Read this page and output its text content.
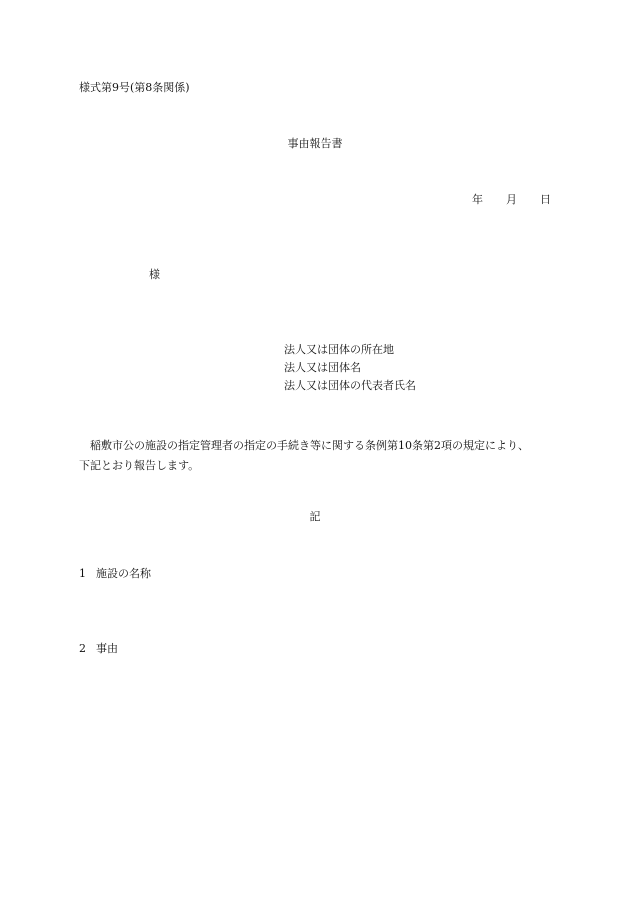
様式第9号(第8条関係)
事由報告書
年 月 日
様
法人又は団体の所在地
法人又は団体名
法人又は団体の代表者氏名
稲敷市公の施設の指定管理者の指定の手続き等に関する条例第10条第2項の規定により、
下記とおり報告します。
記
1 施設の名称
2 事由
